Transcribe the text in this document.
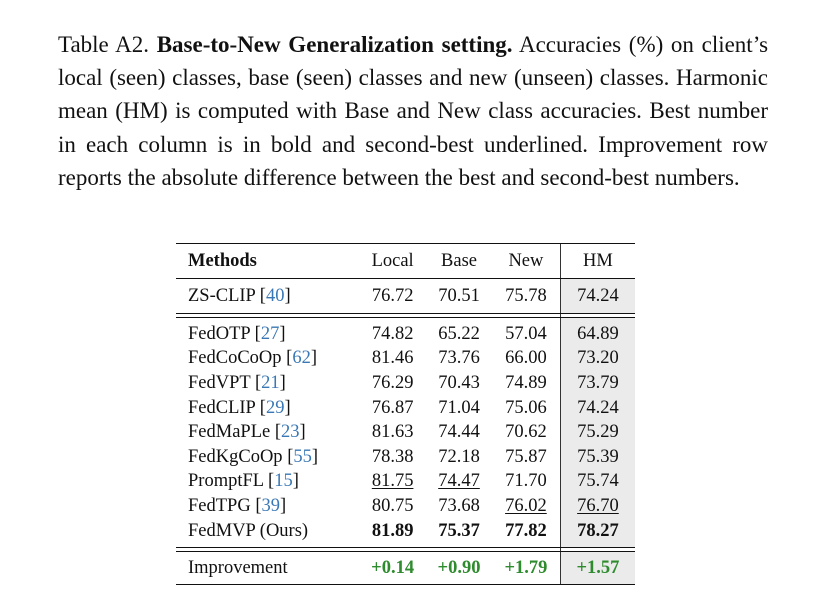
Table A2. Base-to-New Generalization setting. Accuracies (%) on client’s local (seen) classes, base (seen) classes and new (unseen) classes. Harmonic mean (HM) is computed with Base and New class accuracies. Best number in each column is in bold and second-best underlined. Improvement row reports the absolute difference between the best and second-best numbers.
Methods	Local	Base	New	HM
ZS-CLIP [40]	76.72	70.51	75.78	74.24

FedOTP [27]	74.82	65.22	57.04	64.89
FedCoCoOp [62]	81.46	73.76	66.00	73.20
FedVPT [21]	76.29	70.43	74.89	73.79
FedCLIP [29]	76.87	71.04	75.06	74.24
FedMaPLe [23]	81.63	74.44	70.62	75.29
FedKgCoOp [55]	78.38	72.18	75.87	75.39
PromptFL [15]	81.75	74.47	71.70	75.74
FedTPG [39]	80.75	73.68	76.02	76.70
FedMVP (Ours)	81.89	75.37	77.82	78.27

Improvement	+0.14	+0.90	+1.79	+1.57
